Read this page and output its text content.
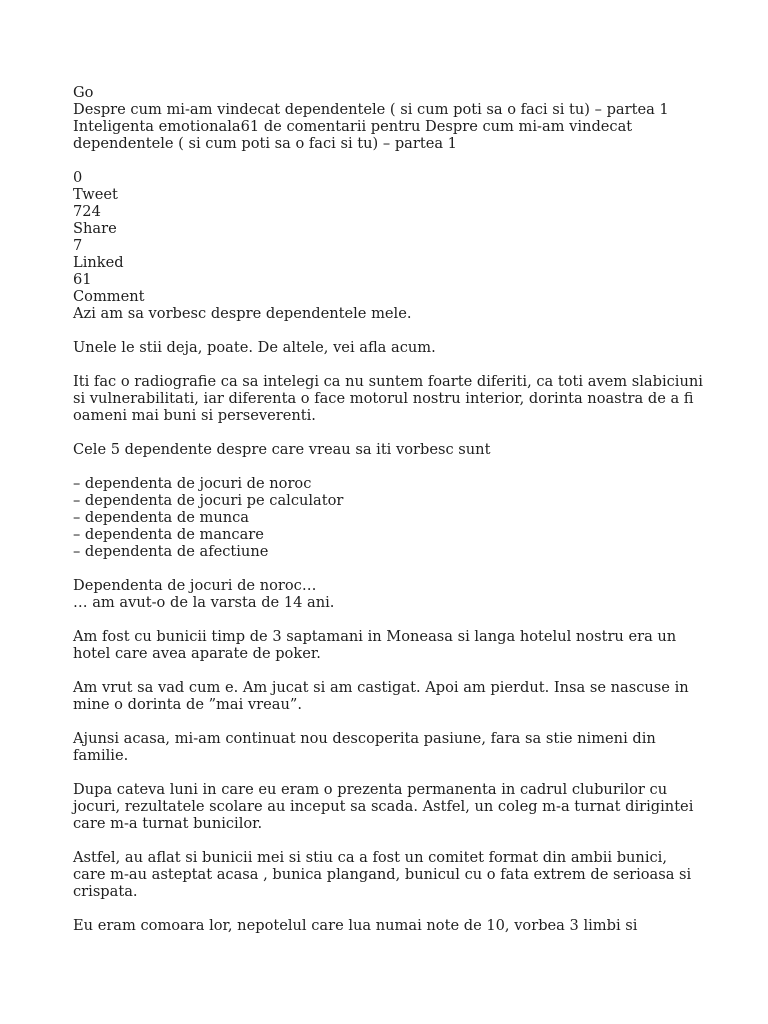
Go

Despre cum mi-am vindecat dependentele ( si cum poti sa o faci si tu) – partea 1

Inteligenta emotionala61 de comentarii pentru Despre cum mi-am vindecat dependentele ( si cum poti sa o faci si tu) – partea 1

0

Tweet

724

Share

7

Linked

61

Comment

Azi am sa vorbesc despre dependentele mele.

Unele le stii deja, poate. De altele, vei afla acum.

Iti fac o radiografie ca sa intelegi ca nu suntem foarte diferiti, ca toti avem slabiciuni si vulnerabilitati, iar diferenta o face motorul nostru interior, dorinta noastra de a fi oameni mai buni si perseverenti.

Cele 5 dependente despre care vreau sa iti vorbesc sunt

– dependenta de jocuri de noroc

– dependenta de jocuri pe calculator

– dependenta de munca

– dependenta de mancare

– dependenta de afectiune

Dependenta de jocuri de noroc…

… am avut-o de la varsta de 14 ani.

Am fost cu bunicii timp de 3 saptamani in Moneasa si langa hotelul nostru era un hotel care avea aparate de poker.

Am vrut sa vad cum e. Am jucat si am castigat. Apoi am pierdut. Insa se nascuse in mine o dorinta de ”mai vreau”.

Ajunsi acasa, mi-am continuat nou descoperita pasiune, fara sa stie nimeni din familie.

Dupa cateva luni in care eu eram o prezenta permanenta in cadrul cluburilor cu jocuri, rezultatele scolare au inceput sa scada. Astfel, un coleg m-a turnat dirigintei care m-a turnat bunicilor.

Astfel, au aflat si bunicii mei si stiu ca a fost un comitet format din ambii bunici, care m-au asteptat acasa , bunica plangand, bunicul cu o fata extrem de serioasa si crispata.

Eu eram comoara lor, nepotelul care lua numai note de 10, vorbea 3 limbi si
